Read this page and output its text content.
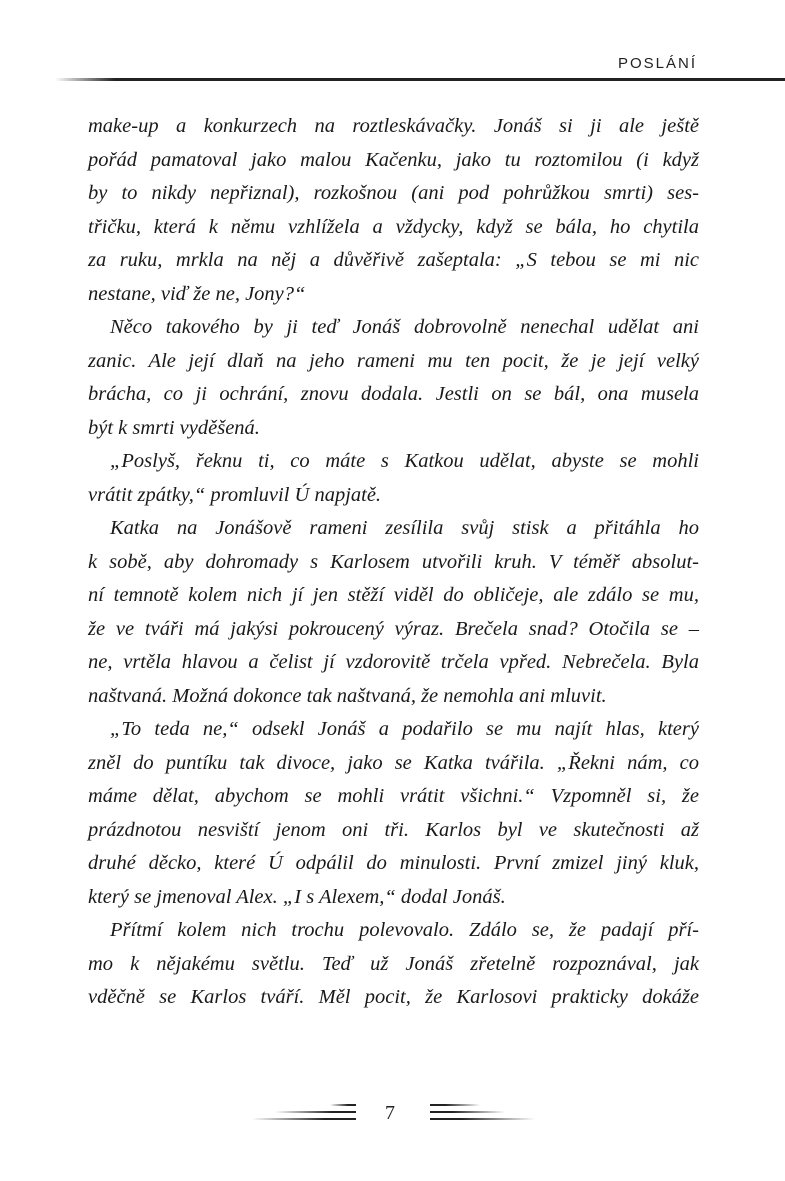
POSLÁNÍ
make-up a konkurzech na roztleskávačky. Jonáš si ji ale ještě
pořád pamatoval jako malou Kačenku, jako tu roztomilou (i když
by to nikdy nepřiznal), rozkošnou (ani pod pohrůžkou smrti) ses-
třičku, která k němu vzhlížela a vždycky, když se bála, ho chytila
za ruku, mrkla na něj a důvěřivě zašeptala: „S tebou se mi nic
nestane, viď že ne, Jony?“
Něco takového by ji teď Jonáš dobrovolně nenechal udělat ani
zanic. Ale její dlaň na jeho rameni mu ten pocit, že je její velký
brácha, co ji ochrání, znovu dodala. Jestli on se bál, ona musela
být k smrti vyděšená.
„Poslyš, řeknu ti, co máte s Katkou udělat, abyste se mohli
vrátit zpátky,“ promluvil Ú napjatě.
Katka na Jonášově rameni zesílila svůj stisk a přitáhla ho
k sobě, aby dohromady s Karlosem utvořili kruh. V téměř absolut-
ní temnotě kolem nich jí jen stěží viděl do obličeje, ale zdálo se mu,
že ve tváři má jakýsi pokroucený výraz. Brečela snad? Otočila se –
ne, vrtěla hlavou a čelist jí vzdorovitě trčela vpřed. Nebrečela. Byla
naštvaná. Možná dokonce tak naštvaná, že nemohla ani mluvit.
„To teda ne,“ odsekl Jonáš a podařilo se mu najít hlas, který
zněl do puntíku tak divoce, jako se Katka tvářila. „Řekni nám, co
máme dělat, abychom se mohli vrátit všichni.“ Vzpomněl si, že
prázdnotou nesviští jenom oni tři. Karlos byl ve skutečnosti až
druhé děcko, které Ú odpálil do minulosti. První zmizel jiný kluk,
který se jmenoval Alex. „I s Alexem,“ dodal Jonáš.
Přítmí kolem nich trochu polevovalo. Zdálo se, že padají pří-
mo k nějakému světlu. Teď už Jonáš zřetelně rozpoznával, jak
vděčně se Karlos tváří. Měl pocit, že Karlosovi prakticky dokáže
7
